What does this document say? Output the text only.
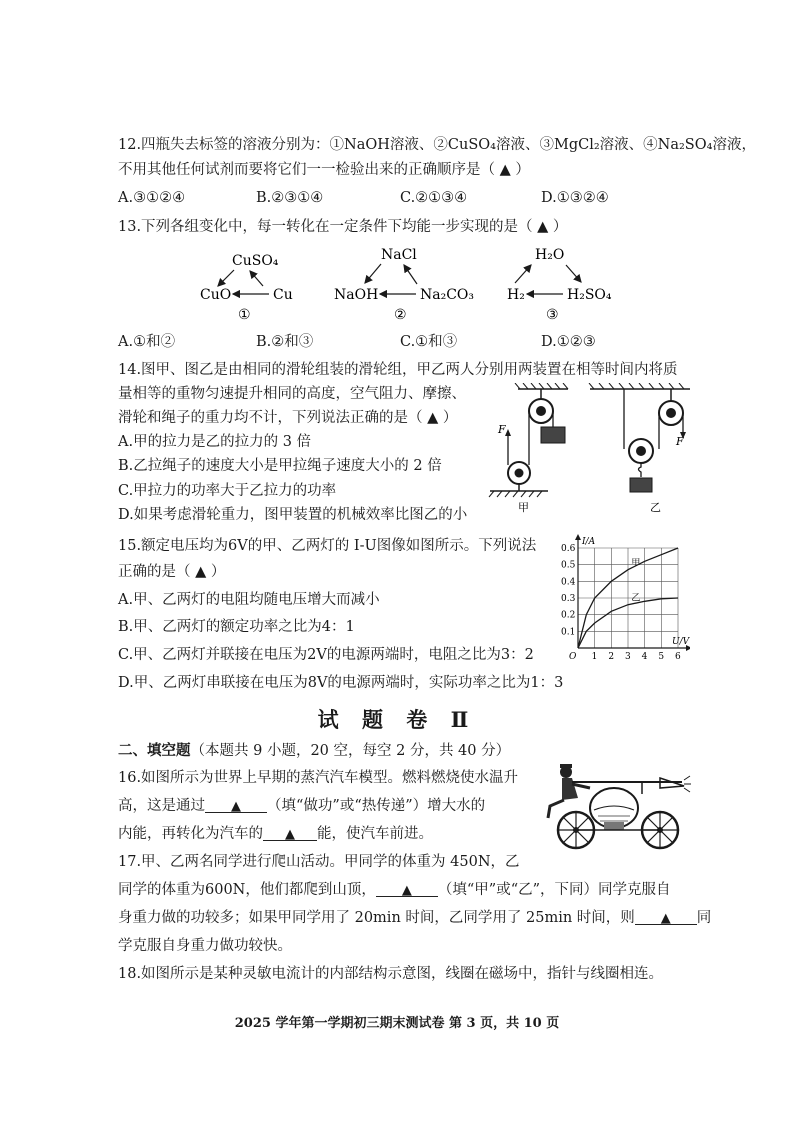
12.四瓶失去标签的溶液分别为：①NaOH溶液、②CuSO₄溶液、③MgCl₂溶液、④Na₂SO₄溶液，
不用其他任何试剂而要将它们一一检验出来的正确顺序是（ ▲ ）
A.③①②④	B.②③①④	C.②①③④	D.①③②④
13.下列各组变化中，每一转化在一定条件下均能一步实现的是（ ▲ ）
CuSO₄
CuO	Cu
①
NaCl
NaOH	Na₂CO₃
②
H₂O
H₂	H₂SO₄
③
A.①和②	B.②和③	C.①和③	D.①②③
14.图甲、图乙是由相同的滑轮组装的滑轮组，甲乙两人分别用两装置在相等时间内将质
量相等的重物匀速提升相同的高度，空气阻力、摩擦、
滑轮和绳子的重力均不计，下列说法正确的是（ ▲ ）
A.甲的拉力是乙的拉力的 3 倍
B.乙拉绳子的速度大小是甲拉绳子速度大小的 2 倍
C.甲拉力的功率大于乙拉力的功率
D.如果考虑滑轮重力，图甲装置的机械效率比图乙的小
F
甲
F
乙
15.额定电压均为6V的甲、乙两灯的 I-U图像如图所示。下列说法
正确的是（ ▲ ）
A.甲、乙两灯的电阻均随电压增大而减小
B.甲、乙两灯的额定功率之比为4：1
C.甲、乙两灯并联接在电压为2V的电源两端时，电阻之比为3：2
D.甲、乙两灯串联接在电压为8V的电源两端时，实际功率之比为1：3
1 2 3 4 5 6
0.1
0.2
0.3
0.4
0.5
0.6
O
U/V
I/A
甲
乙
试 题 卷 Ⅱ
二、填空题（本题共 9 小题，20 空，每空 2 分，共 40 分）
16.如图所示为世界上早期的蒸汽汽车模型。燃料燃烧使水温升
高，这是通过 ▲ （填“做功”或“热传递”）增大水的
内能，再转化为汽车的 ▲ 能，使汽车前进。
17.甲、乙两名同学进行爬山活动。甲同学的体重为 450N，乙
同学的体重为600N，他们都爬到山顶， ▲ （填“甲”或“乙”，下同）同学克服自
身重力做的功较多；如果甲同学用了 20min 时间，乙同学用了 25min 时间，则 ▲ 同
学克服自身重力做功较快。
18.如图所示是某种灵敏电流计的内部结构示意图，线圈在磁场中，指针与线圈相连。
2025 学年第一学期初三期末测试卷 第 3 页，共 10 页
